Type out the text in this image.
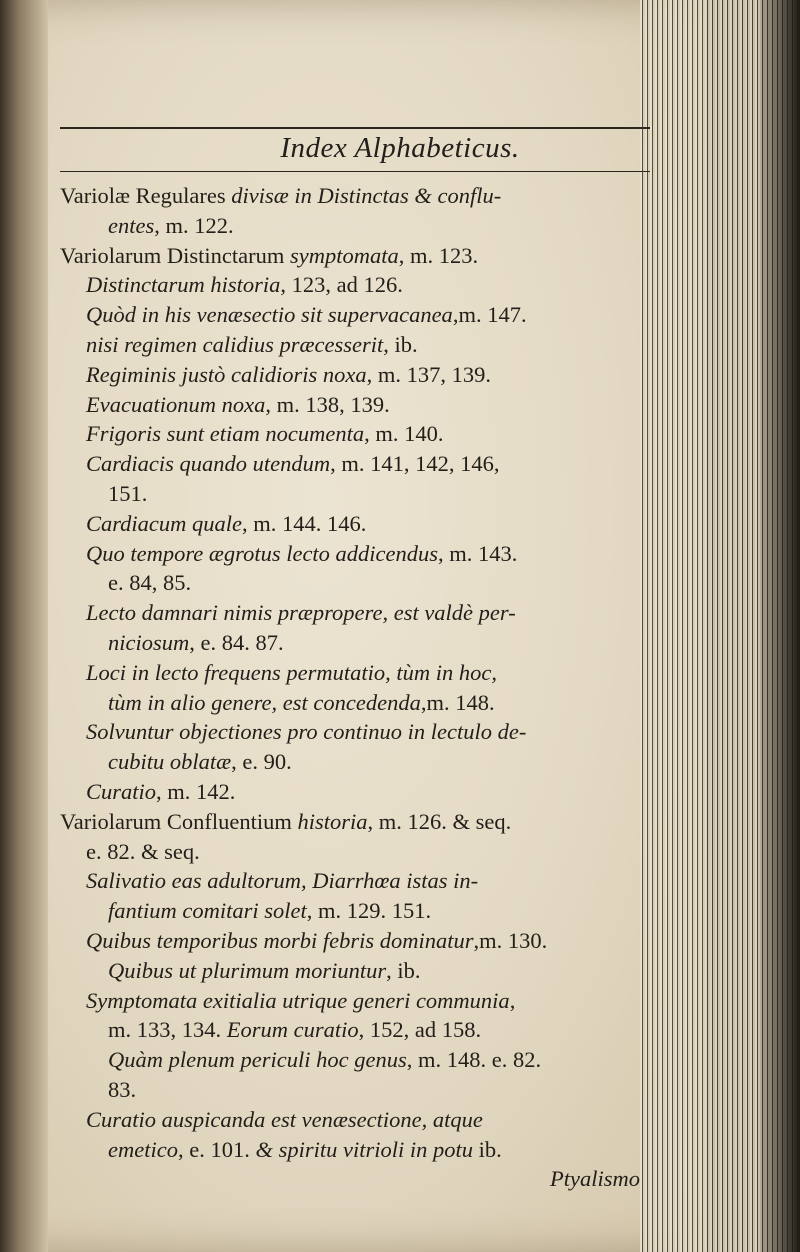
Index Alphabeticus.
Variolæ Regulares divisæ in Distinctas & conflu-
entes, m. 122.
Variolarum Distinctarum symptomata, m. 123.
Distinctarum historia, 123, ad 126.
Quòd in his venæsectio sit supervacanea,m. 147.
nisi regimen calidius præcesserit, ib.
Regiminis justò calidioris noxa, m. 137, 139.
Evacuationum noxa, m. 138, 139.
Frigoris sunt etiam nocumenta, m. 140.
Cardiacis quando utendum, m. 141, 142, 146,
151.
Cardiacum quale, m. 144. 146.
Quo tempore ægrotus lecto addicendus, m. 143.
e. 84, 85.
Lecto damnari nimis præpropere, est valdè per-
niciosum, e. 84. 87.
Loci in lecto frequens permutatio, tùm in hoc,
tùm in alio genere, est concedenda,m. 148.
Solvuntur objectiones pro continuo in lectulo de-
cubitu oblatæ, e. 90.
Curatio, m. 142.
Variolarum Confluentium historia, m. 126. & seq.
e. 82. & seq.
Salivatio eas adultorum, Diarrhœa istas in-
fantium comitari solet, m. 129. 151.
Quibus temporibus morbi febris dominatur,m. 130.
Quibus ut plurimum moriuntur, ib.
Symptomata exitialia utrique generi communia,
m. 133, 134. Eorum curatio, 152, ad 158.
Quàm plenum periculi hoc genus, m. 148. e. 82.
83.
Curatio auspicanda est venæsectione, atque
emetico, e. 101. & spiritu vitrioli in potu ib.
Ptyalismo
